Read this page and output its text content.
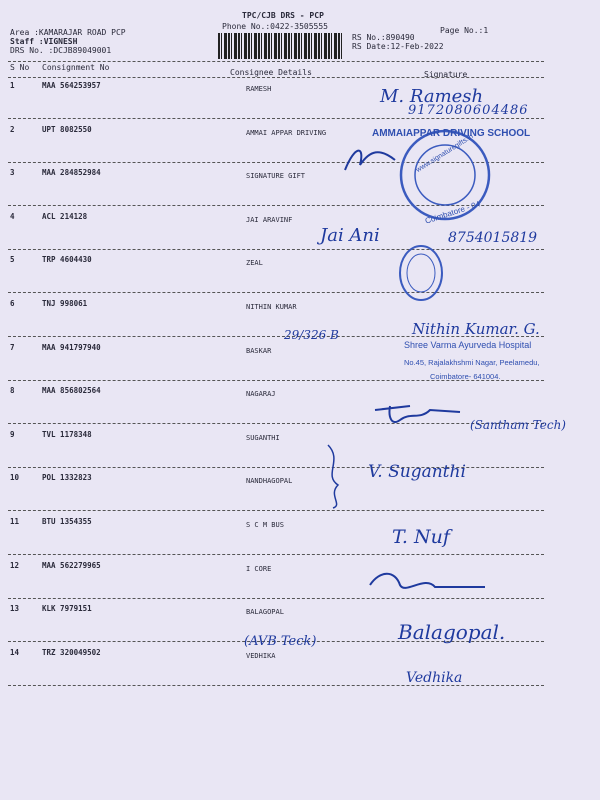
Area :KAMARAJAR ROAD PCP
Staff :VIGNESH
DRS No. :DCJB89049001
TPC/CJB DRS - PCP
Phone No.:0422-3505555	Page No.:1
RS No.:890490
RS Date:12-Feb-2022
S No Consignment No
Consignee Details	Signature
1	MAA 564253957	RAMESH
2	UPT 8082550	AMMAI APPAR DRIVING
3	MAA 284852984	SIGNATURE GIFT
4	ACL 214128	JAI ARAVINF
5	TRP 4604430	ZEAL
6	TNJ 998061	NITHIN KUMAR
7	MAA 941797940	BASKAR
8	MAA 856802564	NAGARAJ
9	TVL 1178348	SUGANTHI
10	POL 1332823	NANDHAGOPAL
11	BTU 1354355	S C M BUS
12	MAA 562279965	I CORE
13	KLK 7979151	BALAGOPAL
14	TRZ 320049502	VEDHIKA
AMMAIAPPAR DRIVING SCHOOL
www.signaturegifts.in
Coimbatore - 04
Shree Varma Ayurveda Hospital
No.45, Rajalakhshmi Nagar, Peelamedu,
Coimbatore- 641004.
M. Ramesh
9172080604486
Jai Ani	8754015819
29/326 B	Nithin Kumar. G.
(Santham Tech)
V. Suganthi
T. Nuf
(AVB Teck)	Balagopal.
Vedhika
